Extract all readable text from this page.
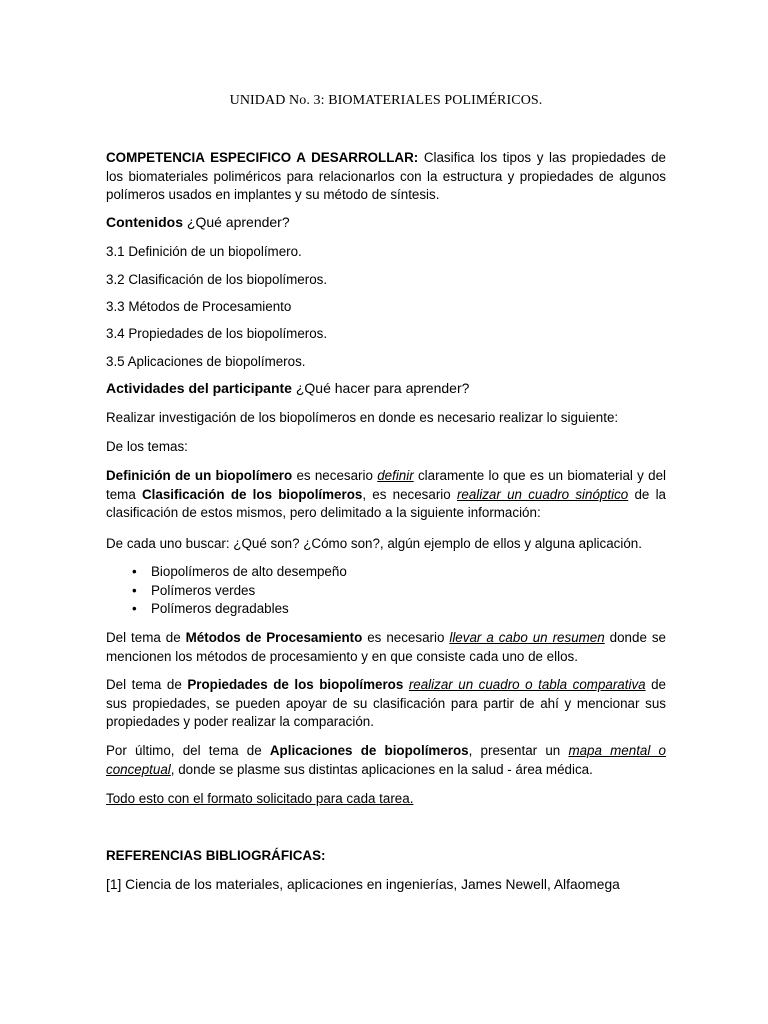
UNIDAD No. 3: BIOMATERIALES POLIMÉRICOS.

COMPETENCIA ESPECIFICO A DESARROLLAR: Clasifica los tipos y las propiedades de los biomateriales poliméricos para relacionarlos con la estructura y propiedades de algunos polímeros usados en implantes y su método de síntesis.

Contenidos ¿Qué aprender?

3.1 Definición de un biopolímero.

3.2 Clasificación de los biopolímeros.

3.3 Métodos de Procesamiento

3.4 Propiedades de los biopolímeros.

3.5 Aplicaciones de biopolímeros.

Actividades del participante ¿Qué hacer para aprender?

Realizar investigación de los biopolímeros en donde es necesario realizar lo siguiente:

De los temas:

Definición de un biopolímero es necesario definir claramente lo que es un biomaterial y del tema Clasificación de los biopolímeros, es necesario realizar un cuadro sinóptico de la clasificación de estos mismos, pero delimitado a la siguiente información:

De cada uno buscar: ¿Qué son? ¿Cómo son?, algún ejemplo de ellos y alguna aplicación.

• Biopolímeros de alto desempeño
• Polímeros verdes
• Polímeros degradables

Del tema de Métodos de Procesamiento es necesario llevar a cabo un resumen donde se mencionen los métodos de procesamiento y en que consiste cada uno de ellos.

Del tema de Propiedades de los biopolímeros realizar un cuadro o tabla comparativa de sus propiedades, se pueden apoyar de su clasificación para partir de ahí y mencionar sus propiedades y poder realizar la comparación.

Por último, del tema de Aplicaciones de biopolímeros, presentar un mapa mental o conceptual, donde se plasme sus distintas aplicaciones en la salud - área médica.

Todo esto con el formato solicitado para cada tarea.

REFERENCIAS BIBLIOGRÁFICAS:

[1] Ciencia de los materiales, aplicaciones en ingenierías, James Newell, Alfaomega
